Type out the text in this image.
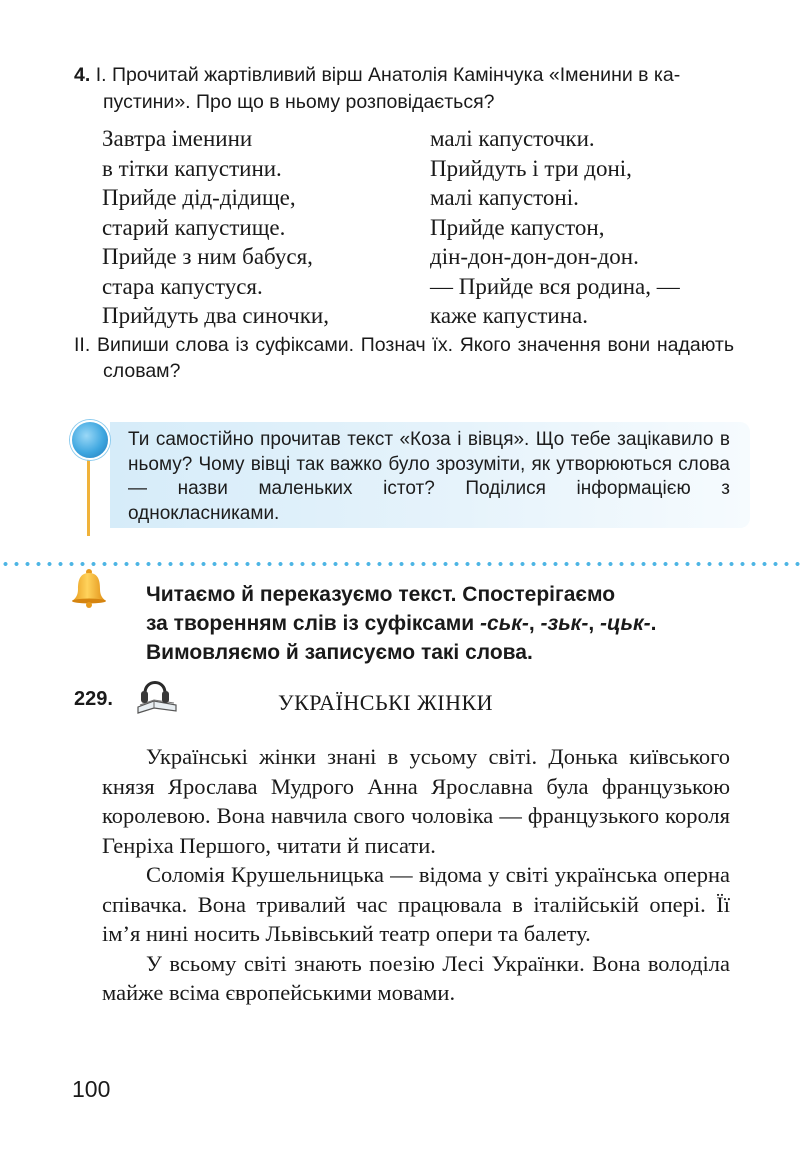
4. І. Прочитай жартівливий вірш Анатолія Камінчука «Іменини в ка-
пустини». Про що в ньому розповідається?
Завтра іменини
в тітки капустини.
Прийде дід-дідище,
старий капустище.
Прийде з ним бабуся,
стара капустуся.
Прийдуть два синочки,
малі капусточки.
Прийдуть і три доні,
малі капустоні.
Прийде капустон,
дін-дон-дон-дон-дон.
— Прийде вся родина, —
каже капустина.
ІІ. Випиши слова із суфіксами. Познач їх. Якого значення вони надають словам?
Ти самостійно прочитав текст «Коза і вівця». Що тебе зацікавило в ньому? Чому вівці так важко було зрозуміти, як утворюються слова — назви маленьких істот? Поділися інформацією з однокласниками.
Читаємо й переказуємо текст. Спостерігаємо
за творенням слів із суфіксами -ськ-, -зьк-, -цьк-.
Вимовляємо й записуємо такі слова.
229.	УКРАЇНСЬКІ ЖІНКИ

Українські жінки знані в усьому світі. Донька київського князя Ярослава Мудрого Анна Ярославна була французькою королевою. Вона навчила свого чоловіка — французького короля Генріха Першого, читати й писати.

Соломія Крушельницька — відома у світі українська оперна співачка. Вона тривалий час працювала в італійській опері. Її ім’я нині носить Львівський театр опери та балету.

У всьому світі знають поезію Лесі Українки. Вона володіла майже всіма європейськими мовами.

100
